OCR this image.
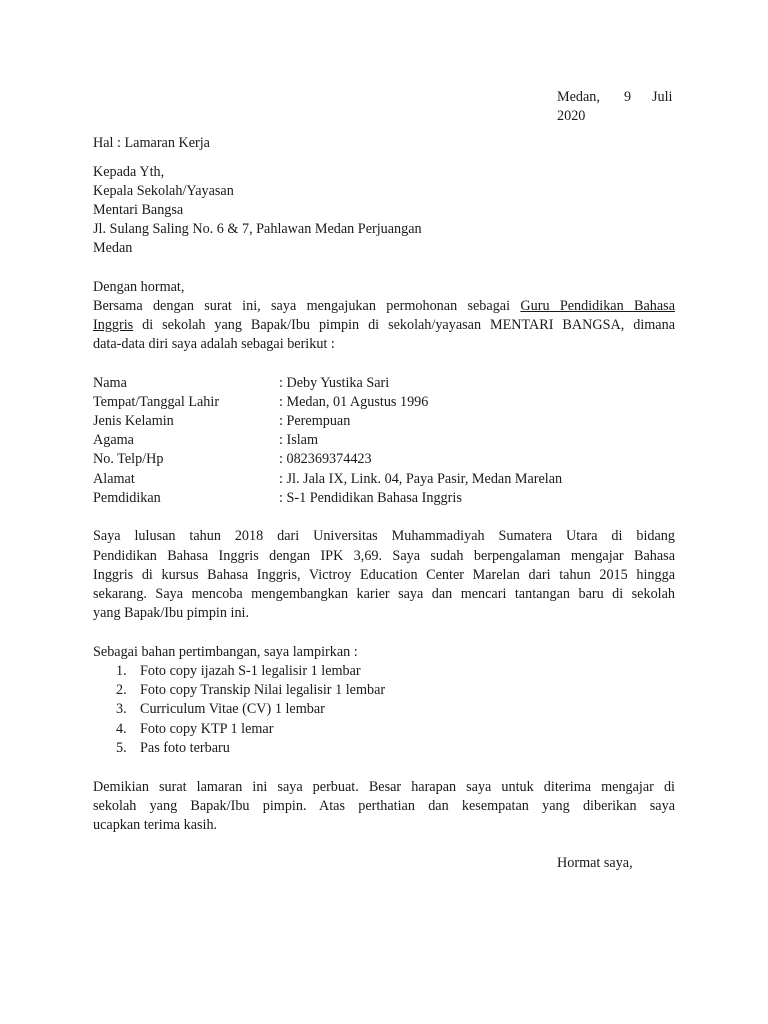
Medan, 9 Juli
2020
Hal : Lamaran Kerja
Kepada Yth,
Kepala Sekolah/Yayasan
Mentari Bangsa
Jl. Sulang Saling No. 6 & 7, Pahlawan Medan Perjuangan
Medan
Dengan hormat,
Bersama dengan surat ini, saya mengajukan permohonan sebagai Guru Pendidikan Bahasa
Inggris di sekolah yang Bapak/Ibu pimpin di sekolah/yayasan MENTARI BANGSA, dimana
data-data diri saya adalah sebagai berikut :
Nama	: Deby Yustika Sari
Tempat/Tanggal Lahir	: Medan, 01 Agustus 1996
Jenis Kelamin	: Perempuan
Agama	: Islam
No. Telp/Hp	: 082369374423
Alamat	: Jl. Jala IX, Link. 04, Paya Pasir, Medan Marelan
Pemdidikan	: S-1 Pendidikan Bahasa Inggris
Saya lulusan tahun 2018 dari Universitas Muhammadiyah Sumatera Utara di bidang
Pendidikan Bahasa Inggris dengan IPK 3,69. Saya sudah berpengalaman mengajar Bahasa
Inggris di kursus Bahasa Inggris, Victroy Education Center Marelan dari tahun 2015 hingga
sekarang. Saya mencoba mengembangkan karier saya dan mencari tantangan baru di sekolah
yang Bapak/Ibu pimpin ini.
Sebagai bahan pertimbangan, saya lampirkan :
1. Foto copy ijazah S-1 legalisir 1 lembar
2. Foto copy Transkip Nilai legalisir 1 lembar
3. Curriculum Vitae (CV) 1 lembar
4. Foto copy KTP 1 lemar
5. Pas foto terbaru
Demikian surat lamaran ini saya perbuat. Besar harapan saya untuk diterima mengajar di
sekolah yang Bapak/Ibu pimpin. Atas perthatian dan kesempatan yang diberikan saya
ucapkan terima kasih.
Hormat saya,
